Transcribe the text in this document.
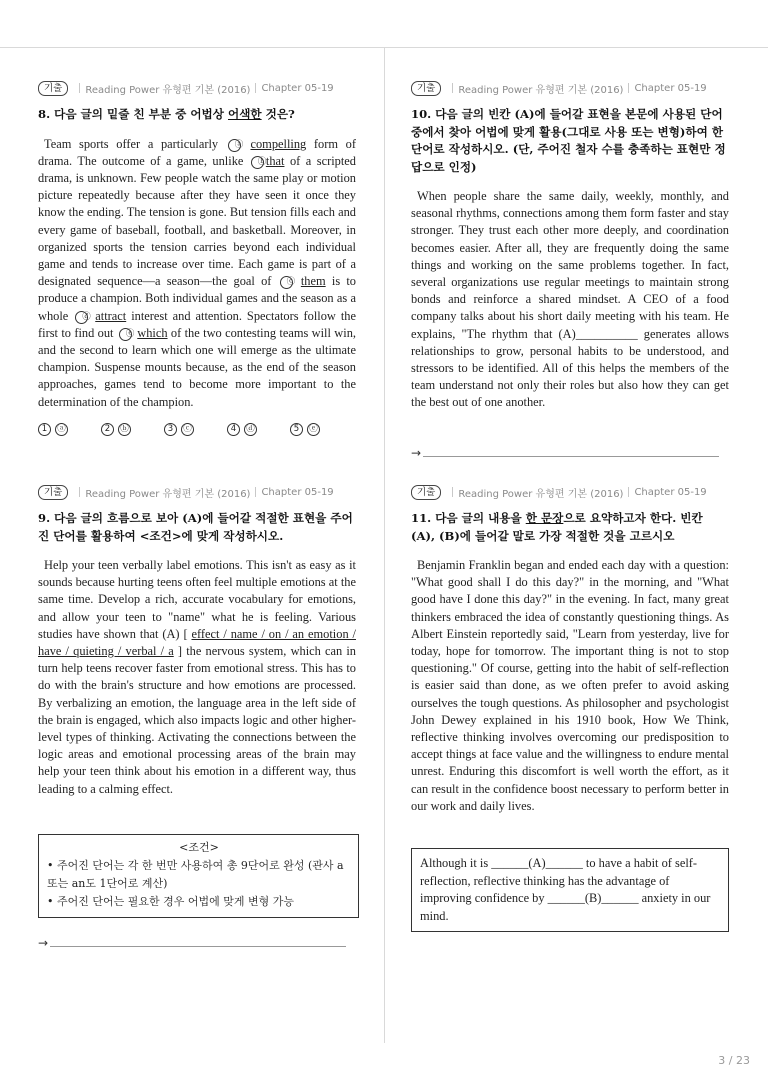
기출	Reading Power 유형편 기본 (2016) Chapter 05-19
8. 다음 글의 밑줄 친 부분 중 어법상 어색한 것은?

Team sports offer a particularly ⓐ compelling form of drama. The outcome of a game, unlike ⓑthat of a scripted drama, is unknown. Few people watch the same play or motion picture repeatedly because after they have seen it once they know the ending. The tension is gone. But tension fills each and every game of baseball, football, and basketball. Moreover, in organized sports the tension carries beyond each individual game and tends to increase over time. Each game is part of a designated sequence—a season—the goal of ⓒ them is to produce a champion. Both individual games and the season as a whole ⓓ attract interest and attention. Spectators follow the first to find out ⓔ which of the two contesting teams will win, and the second to learn which one will emerge as the ultimate champion. Suspense mounts because, as the end of the season approaches, games tend to become more important to the determination of the champion.

1	ⓐ	2	ⓑ	3	ⓒ	4	ⓓ	5	ⓔ
기출	Reading Power 유형편 기본 (2016) Chapter 05-19
10. 다음 글의 빈칸 (A)에 들어갈 표현을 본문에 사용된 단어 중에서 찾아 어법에 맞게 활용(그대로 사용 또는 변형)하여 한 단어로 작성하시오. (단, 주어진 철자 수를 충족하는 표현만 정답으로 인정)

When people share the same daily, weekly, monthly, and seasonal rhythms, connections among them form faster and stay stronger. They trust each other more deeply, and coordination becomes easier. After all, they are frequently doing the same things and working on the same problems together. In fact, several organizations use regular meetings to maintain strong bonds and reinforce a shared mindset. A CEO of a food company talks about his short daily meeting with his team. He explains, "The rhythm that (A)__________ generates allows relationships to grow, personal habits to be understood, and stressors to be identified. All of this helps the members of the team understand not only their roles but also how they can get the best out of one another.

→
기출	Reading Power 유형편 기본 (2016) Chapter 05-19
9. 다음 글의 흐름으로 보아 (A)에 들어갈 적절한 표현을 주어진 단어를 활용하여 <조건>에 맞게 작성하시오.

Help your teen verbally label emotions. This isn't as easy as it sounds because hurting teens often feel multiple emotions at the same time. Develop a rich, accurate vocabulary for emotions, and allow your teen to "name" what he is feeling. Various studies have shown that (A) [ effect / name / on / an emotion / have / quieting / verbal / a ] the nervous system, which can in turn help teens recover faster from emotional stress. This has to do with the brain's structure and how emotions are processed. By verbalizing an emotion, the language area in the left side of the brain is engaged, which also impacts logic and other higher-level types of thinking. Activating the connections between the logic areas and emotional processing areas of the brain may help your teen think about his emotion in a different way, thus leading to a calming effect.

<조건>
• 주어진 단어는 각 한 번만 사용하여 총 9단어로 완성 (관사 a 또는 an도 1단어로 계산)
• 주어진 단어는 필요한 경우 어법에 맞게 변형 가능
→
기출	Reading Power 유형편 기본 (2016) Chapter 05-19
11. 다음 글의 내용을 한 문장으로 요약하고자 한다. 빈칸 (A), (B)에 들어갈 말로 가장 적절한 것을 고르시오

Benjamin Franklin began and ended each day with a question: "What good shall I do this day?" in the morning, and "What good have I done this day?" in the evening. In fact, many great thinkers embraced the idea of constantly questioning things. As Albert Einstein reportedly said, "Learn from yesterday, live for today, hope for tomorrow. The important thing is not to stop questioning." Of course, getting into the habit of self-reflection is easier said than done, as we often prefer to avoid asking ourselves the tough questions. As philosopher and psychologist John Dewey explained in his 1910 book, How We Think, reflective thinking involves overcoming our predisposition to accept things at face value and the willingness to endure mental unrest. Enduring this discomfort is well worth the effort, as it can result in the confidence boost necessary to perform better in our work and daily lives.

Although it is ______(A)______ to have a habit of self-reflection, reflective thinking has the advantage of improving confidence by ______(B)______ anxiety in our mind.
3 / 23
